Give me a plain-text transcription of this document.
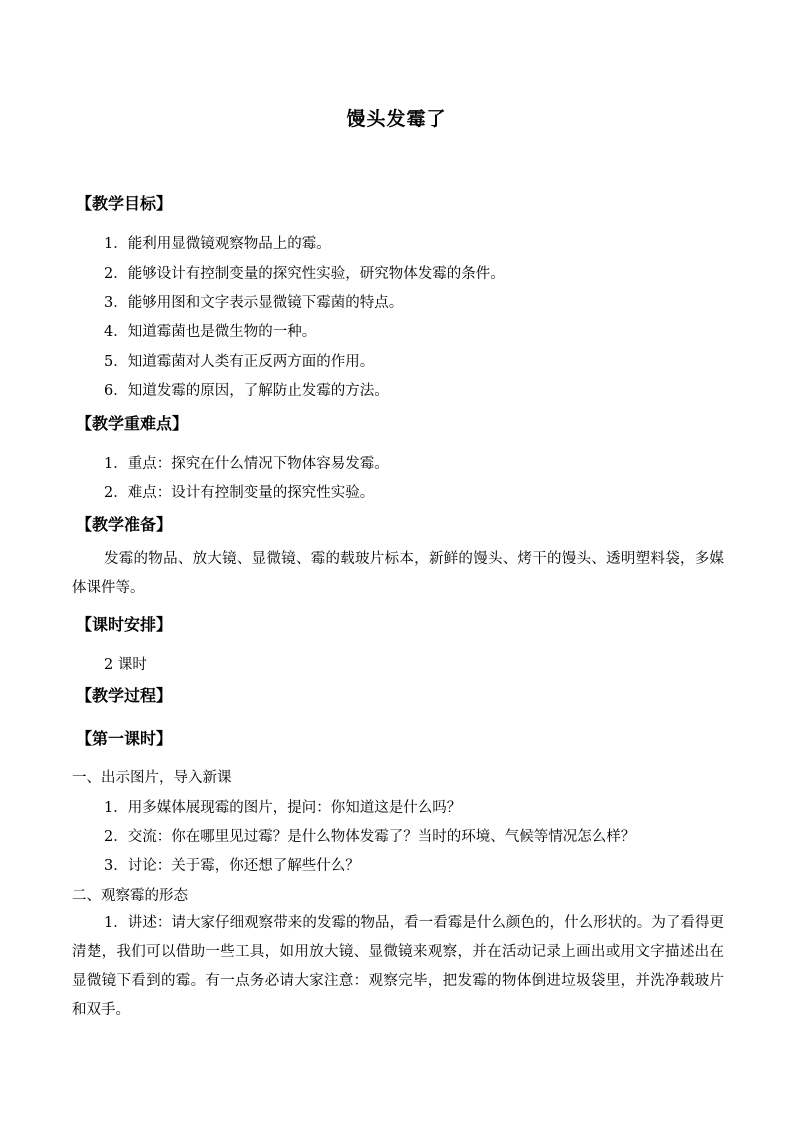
馒头发霉了
【教学目标】
1．能利用显微镜观察物品上的霉。
2．能够设计有控制变量的探究性实验，研究物体发霉的条件。
3．能够用图和文字表示显微镜下霉菌的特点。
4．知道霉菌也是微生物的一种。
5．知道霉菌对人类有正反两方面的作用。
6．知道发霉的原因，了解防止发霉的方法。
【教学重难点】
1．重点：探究在什么情况下物体容易发霉。
2．难点：设计有控制变量的探究性实验。
【教学准备】
发霉的物品、放大镜、显微镜、霉的载玻片标本，新鲜的馒头、烤干的馒头、透明塑料袋，多媒体课件等。
【课时安排】
2 课时
【教学过程】
【第一课时】
一、出示图片，导入新课
1．用多媒体展现霉的图片，提问：你知道这是什么吗？
2．交流：你在哪里见过霉？是什么物体发霉了？当时的环境、气候等情况怎么样？
3．讨论：关于霉，你还想了解些什么？
二、观察霉的形态
1．讲述：请大家仔细观察带来的发霉的物品，看一看霉是什么颜色的，什么形状的。为了看得更清楚，我们可以借助一些工具，如用放大镜、显微镜来观察，并在活动记录上画出或用文字描述出在显微镜下看到的霉。有一点务必请大家注意：观察完毕，把发霉的物体倒进垃圾袋里，并洗净载玻片和双手。
